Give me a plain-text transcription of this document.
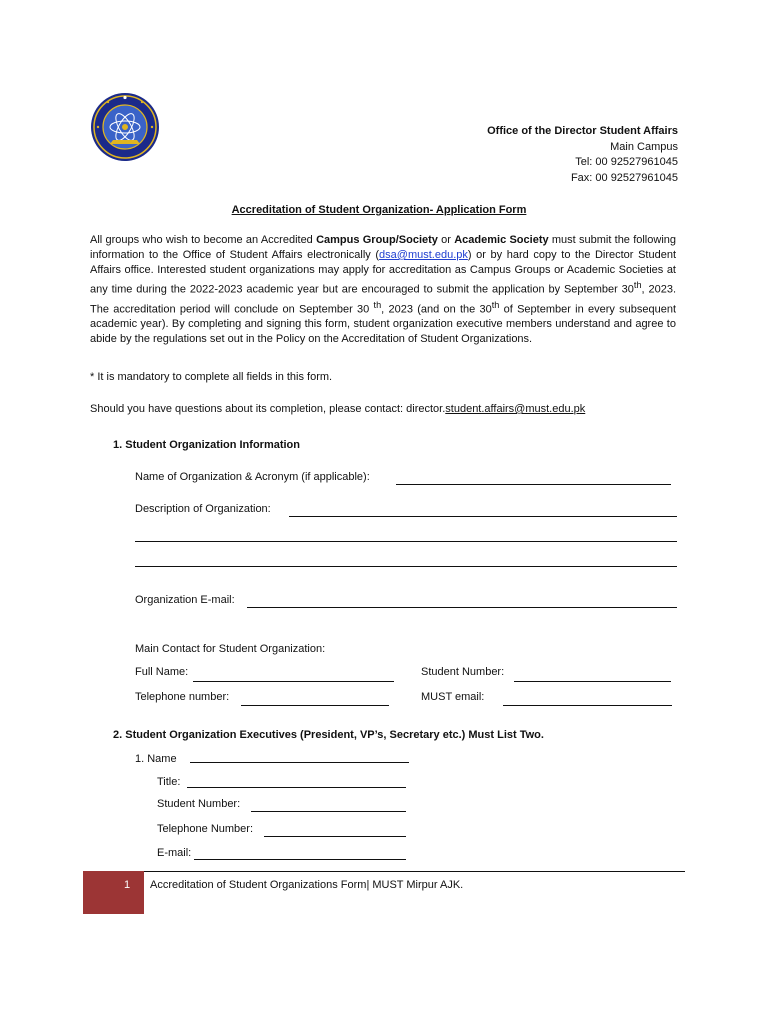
Office of the Director Student Affairs
Main Campus
Tel: 00 92527961045
Fax: 00 92527961045
Accreditation of Student Organization- Application Form
All groups who wish to become an Accredited Campus Group/Society or Academic Society must submit the following information to the Office of Student Affairs electronically (dsa@must.edu.pk) or by hard copy to the Director Student Affairs office. Interested student organizations may apply for accreditation as Campus Groups or Academic Societies at any time during the 2022-2023 academic year but are encouraged to submit the application by September 30th, 2023. The accreditation period will conclude on September 30 $^{th}$, 2023 (and on the 30th of September in every subsequent academic year). By completing and signing this form, student organization executive members understand and agree to abide by the regulations set out in the Policy on the Accreditation of Student Organizations.
* It is mandatory to complete all fields in this form.
Should you have questions about its completion, please contact: director.student.affairs@must.edu.pk
1. Student Organization Information
Name of Organization & Acronym (if applicable):
Description of Organization:
Organization E-mail:
Main Contact for Student Organization:
Full Name:	Student Number:
Telephone number:	MUST email:
2. Student Organization Executives (President, VP’s, Secretary etc.) Must List Two.
1. Name
Title:
Student Number:
Telephone Number:
E-mail:
1 Accreditation of Student Organizations Form| MUST Mirpur AJK.
